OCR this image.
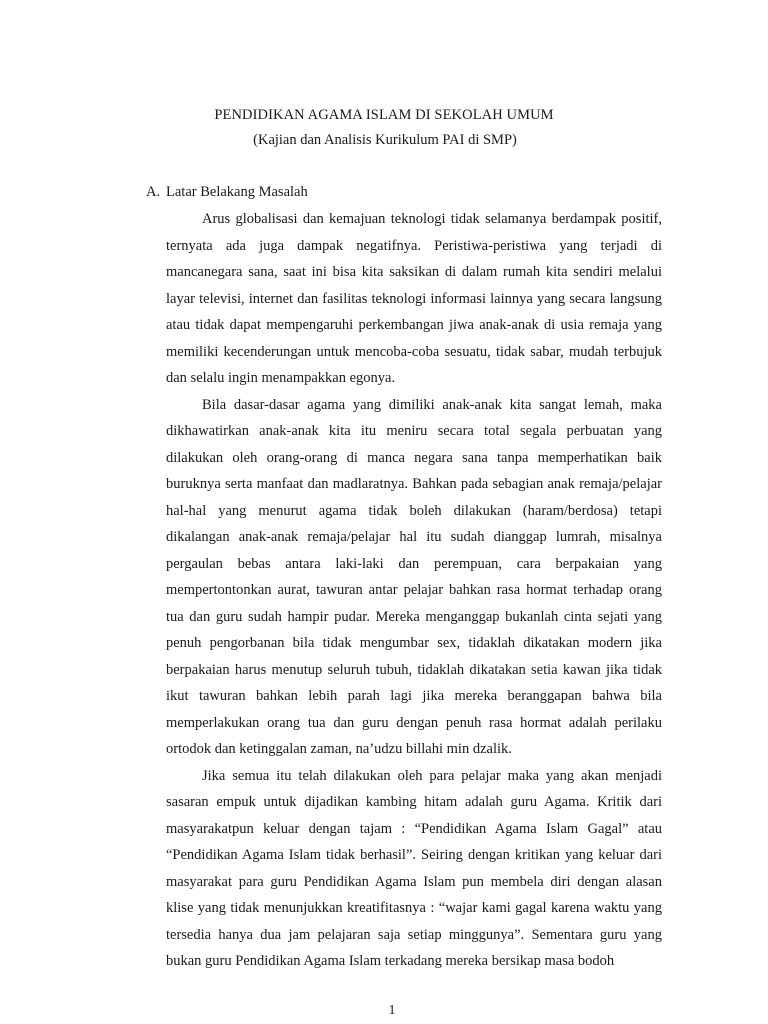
PENDIDIKAN AGAMA ISLAM DI SEKOLAH UMUM
(Kajian dan Analisis Kurikulum PAI di SMP)
A. Latar Belakang Masalah

Arus globalisasi dan kemajuan teknologi tidak selamanya berdampak positif, ternyata ada juga dampak negatifnya. Peristiwa-peristiwa yang terjadi di mancanegara sana, saat ini bisa kita saksikan di dalam rumah kita sendiri melalui layar televisi, internet dan fasilitas teknologi informasi lainnya yang secara langsung atau tidak dapat mempengaruhi perkembangan jiwa anak-anak di usia remaja yang memiliki kecenderungan untuk mencoba-coba sesuatu, tidak sabar, mudah terbujuk dan selalu ingin menampakkan egonya.

Bila dasar-dasar agama yang dimiliki anak-anak kita sangat lemah, maka dikhawatirkan anak-anak kita itu meniru secara total segala perbuatan yang dilakukan oleh orang-orang di manca negara sana tanpa memperhatikan baik buruknya serta manfaat dan madlaratnya. Bahkan pada sebagian anak remaja/pelajar hal-hal yang menurut agama tidak boleh dilakukan (haram/berdosa) tetapi dikalangan anak-anak remaja/pelajar hal itu sudah dianggap lumrah, misalnya pergaulan bebas antara laki-laki dan perempuan, cara berpakaian yang mempertontonkan aurat, tawuran antar pelajar bahkan rasa hormat terhadap orang tua dan guru sudah hampir pudar. Mereka menganggap bukanlah cinta sejati yang penuh pengorbanan bila tidak mengumbar sex, tidaklah dikatakan modern jika berpakaian harus menutup seluruh tubuh, tidaklah dikatakan setia kawan jika tidak ikut tawuran bahkan lebih parah lagi jika mereka beranggapan bahwa bila memperlakukan orang tua dan guru dengan penuh rasa hormat adalah perilaku ortodok dan ketinggalan zaman, na’udzu billahi min dzalik.

Jika semua itu telah dilakukan oleh para pelajar maka yang akan menjadi sasaran empuk untuk dijadikan kambing hitam adalah guru Agama. Kritik dari masyarakatpun keluar dengan tajam : “Pendidikan Agama Islam Gagal” atau “Pendidikan Agama Islam tidak berhasil”. Seiring dengan kritikan yang keluar dari masyarakat para guru Pendidikan Agama Islam pun membela diri dengan alasan klise yang tidak menunjukkan kreatifitasnya : “wajar kami gagal karena waktu yang tersedia hanya dua jam pelajaran saja setiap minggunya”. Sementara guru yang bukan guru Pendidikan Agama Islam terkadang mereka bersikap masa bodoh

1
